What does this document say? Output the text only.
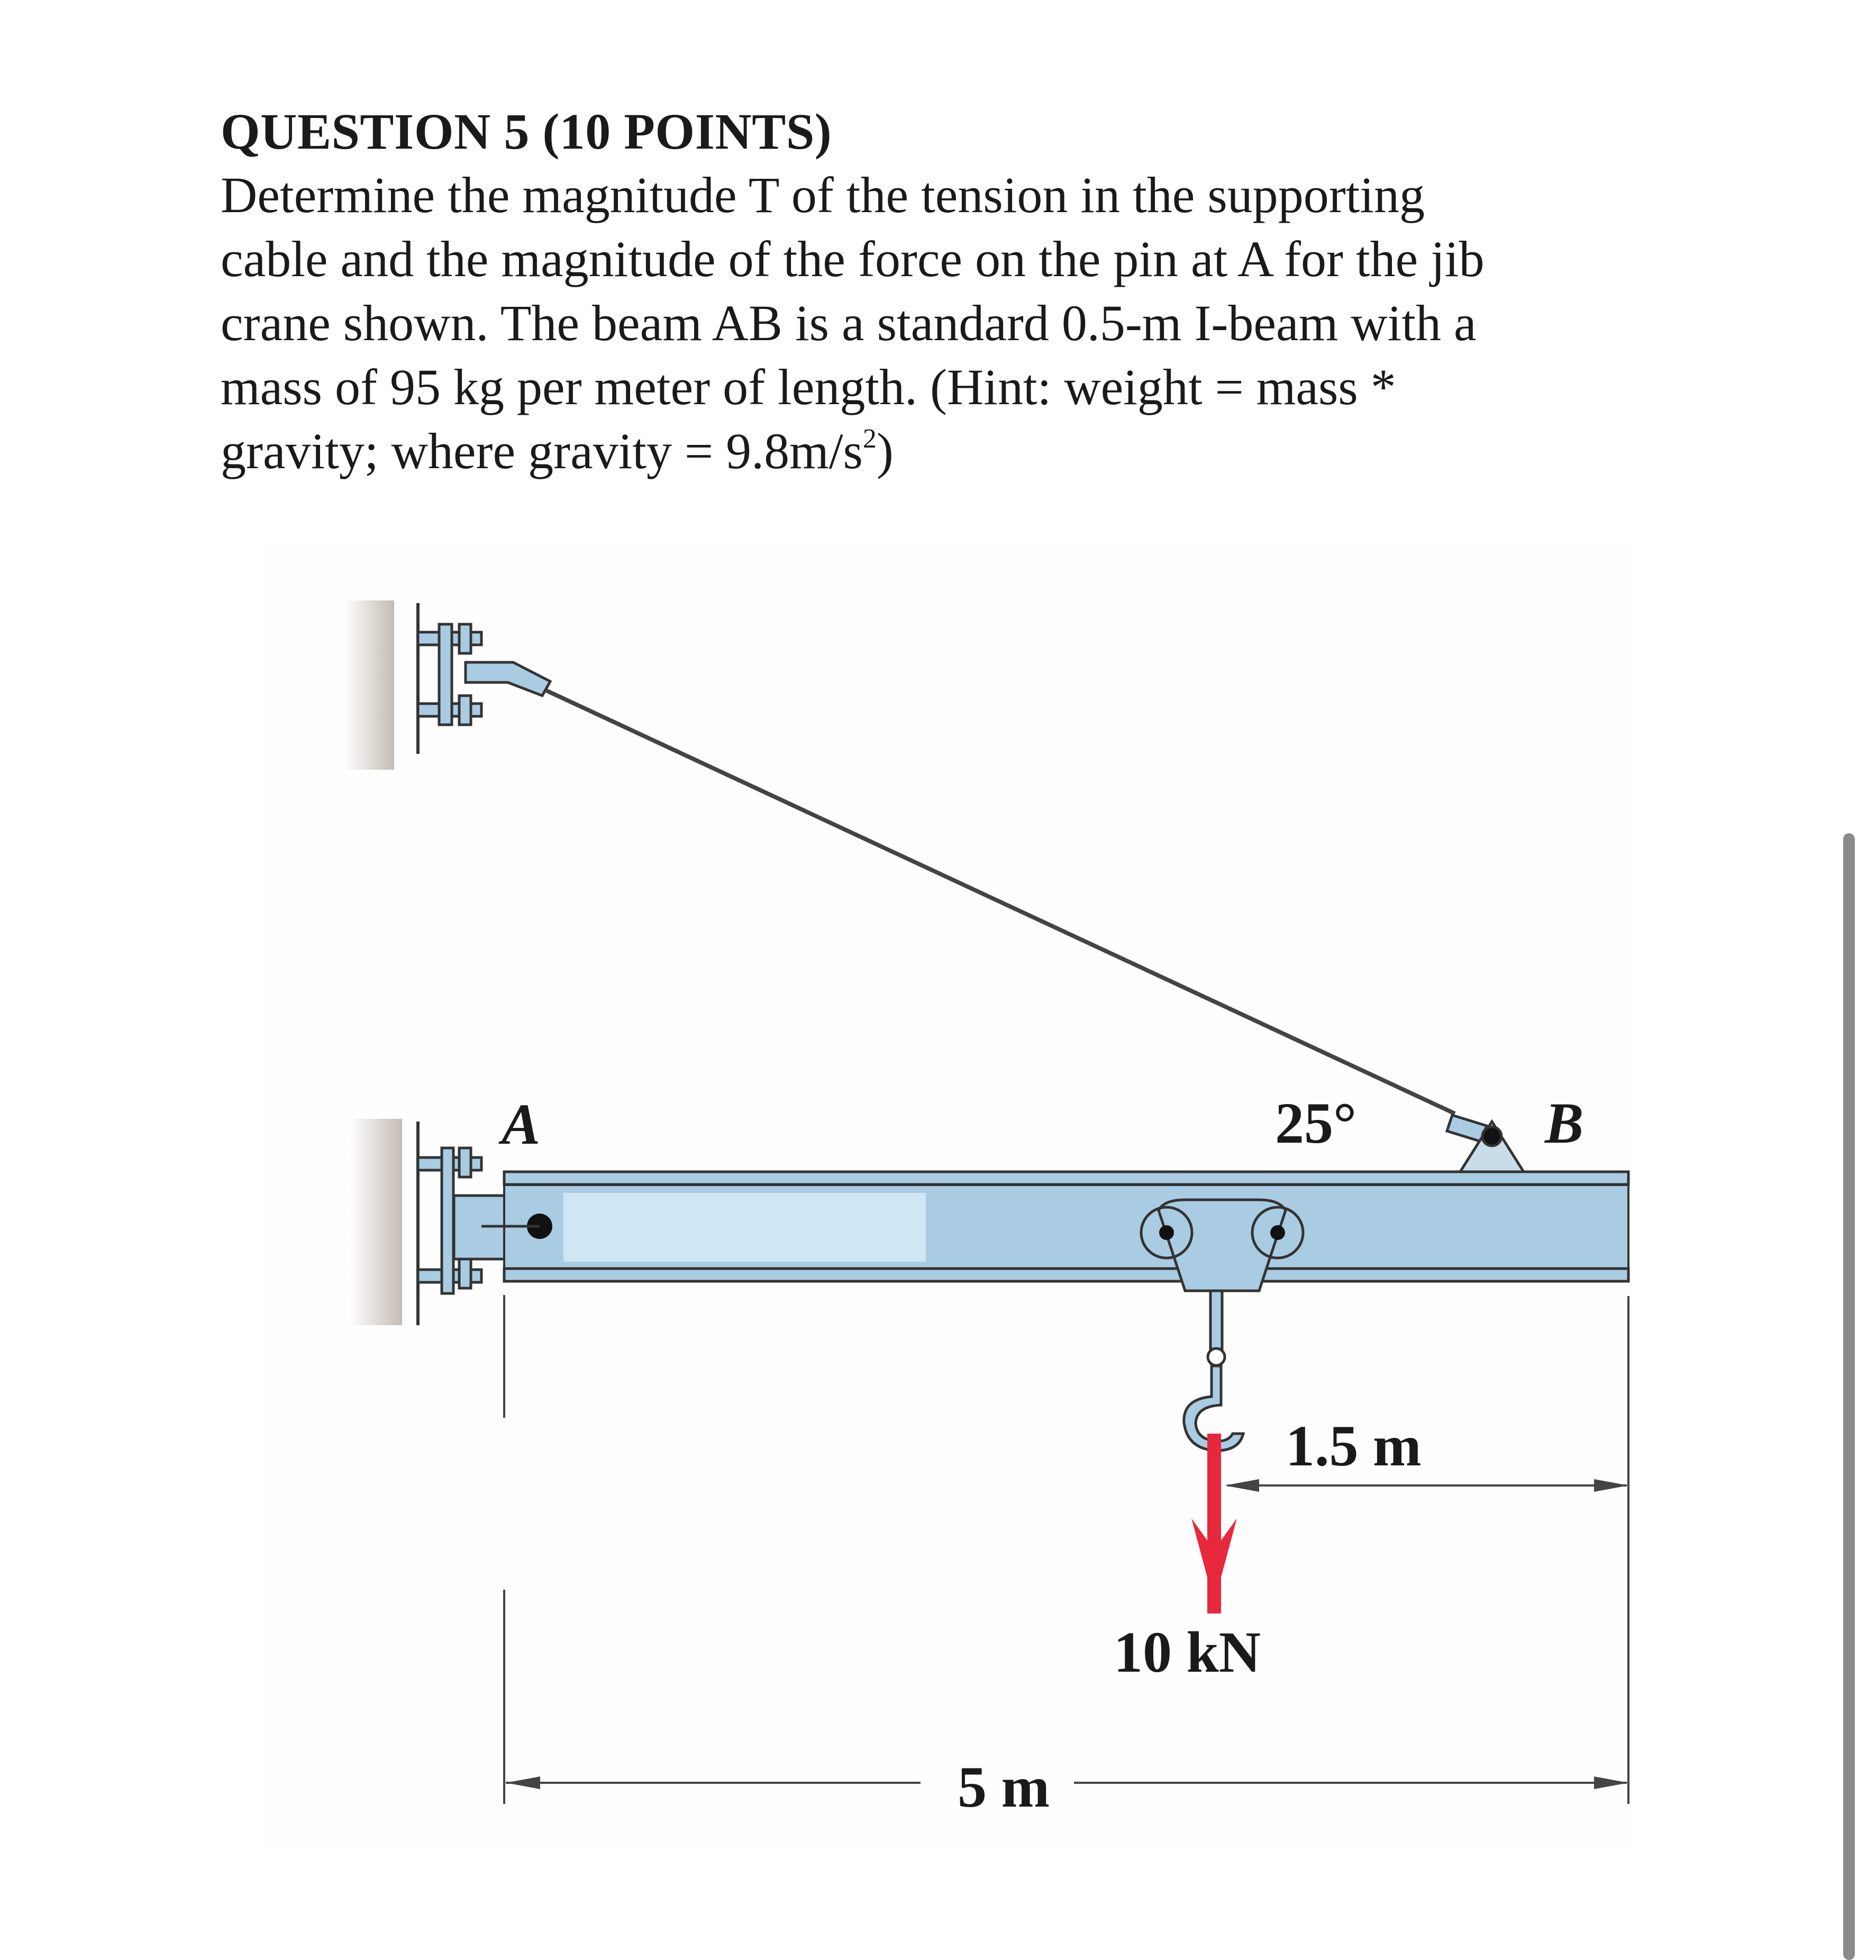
QUESTION 5 (10 POINTS)

Determine the magnitude T of the tension in the supporting
cable and the magnitude of the force on the pin at A for the jib
crane shown. The beam AB is a standard 0.5-m I-beam with a
mass of 95 kg per meter of length. (Hint: weight = mass *
gravity; where gravity = $9.8m/s^2$)

A	B
25°
1.5 m
10 kN
5 m
